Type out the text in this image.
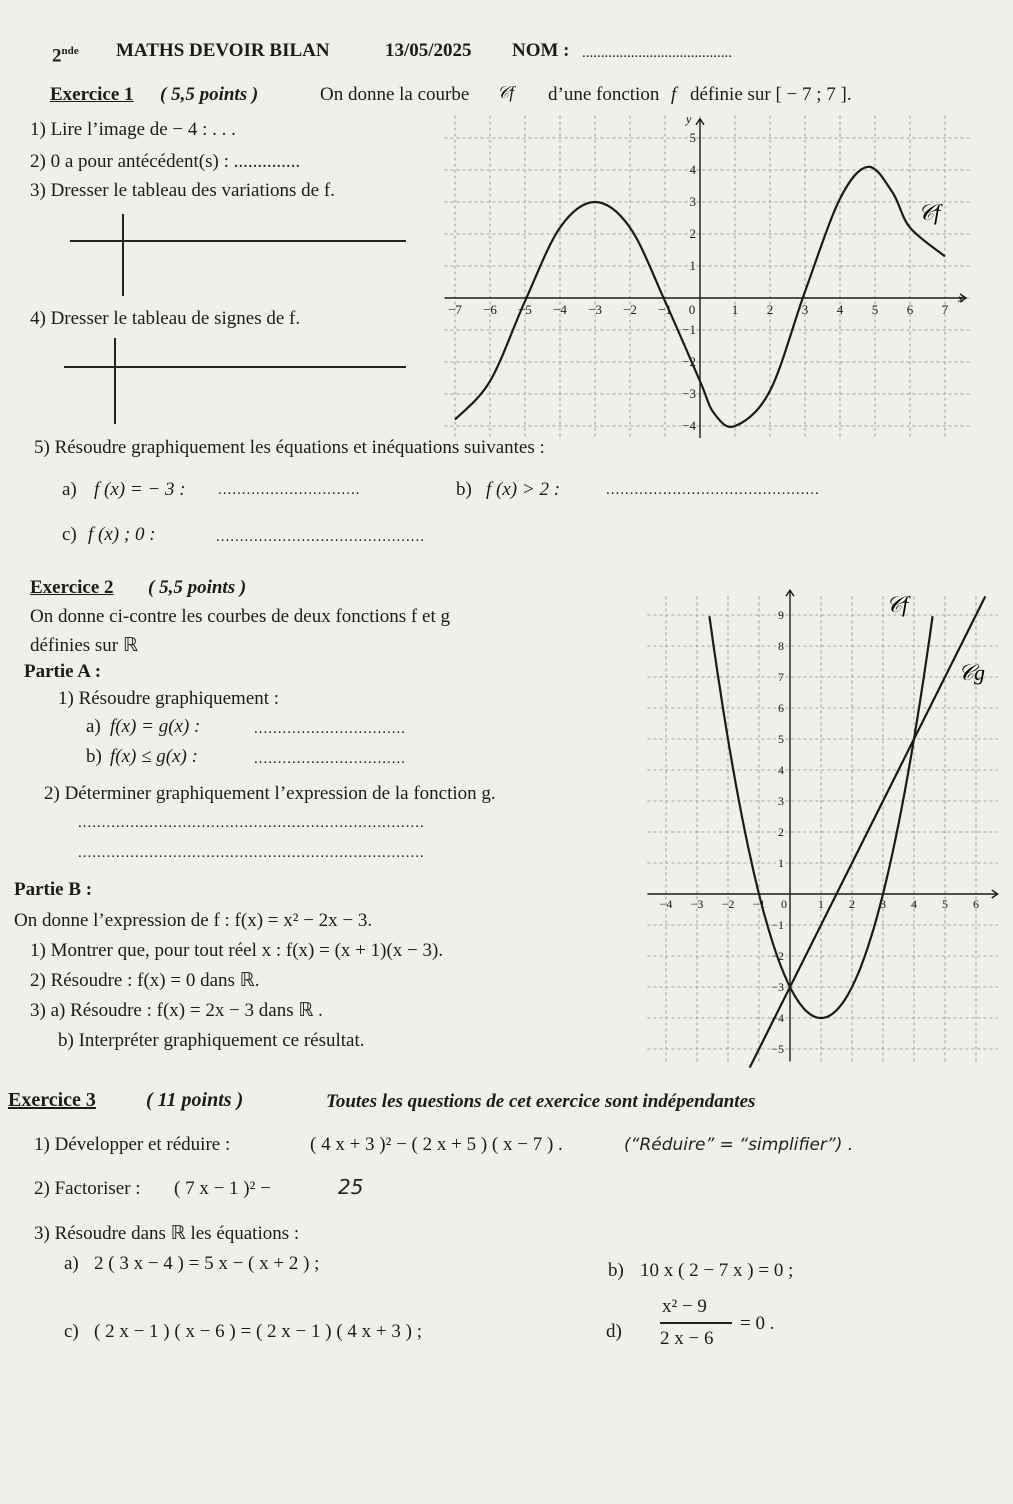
2nde MATHS DEVOIR BILAN	13/05/2025 NOM : ........................................
Exercice 1 ( 5,5 points )	On donne la courbe 𝒞f d’une fonction f définie sur [ − 7 ; 7 ].
1) Lire l’image de − 4 : . . .
2) 0 a pour antécédent(s) : ..............
3) Dresser le tableau des variations de f.
4) Dresser le tableau de signes de f.	−7 −6 −5 −4 −3 −2 −1 0	1 2 3 4 5 6 7
5
4
3
2
1
−1
−2
−3
−4
y
x
𝒞f
5) Résoudre graphiquement les équations et inéquations suivantes :
a) f (x) = − 3 : ..............................	b) f (x) > 2 :	.............................................
c) f (x) ; 0 :	............................................
Exercice 2 ( 5,5 points )
On donne ci-contre les courbes de deux fonctions f et g
définies sur ℝ
Partie A :
1) Résoudre graphiquement :
a) f(x) = g(x) :	................................
b) f(x) ≤ g(x) :	................................
2) Déterminer graphiquement l’expression de la fonction g.
.........................................................................
.........................................................................
Partie B :
On donne l’expression de f : f(x) = x² − 2x − 3.
1) Montrer que, pour tout réel x : f(x) = (x + 1)(x − 3).
2) Résoudre : f(x) = 0 dans ℝ.
3) a) Résoudre : f(x) = 2x − 3 dans ℝ .
b) Interpréter graphiquement ce résultat.
−4 −3 −2 −1 0	1 2 3 4 5 6
9
8
7
6
5
4
3
2
1
−1
−2
−3
−4
−5
𝒞f
𝒞g
Exercice 3	( 11 points )	Toutes les questions de cet exercice sont indépendantes
1) Développer et réduire :	( 4 x + 3 )² − ( 2 x + 5 ) ( x − 7 ) .	(“Réduire” = “simplifier”) .
2) Factoriser : ( 7 x − 1 )² −	25
3) Résoudre dans ℝ les équations :
a) 2 ( 3 x − 4 ) = 5 x − ( x + 2 ) ;	b) 10 x ( 2 − 7 x ) = 0 ;
c) ( 2 x − 1 ) ( x − 6 ) = ( 2 x − 1 ) ( 4 x + 3 ) ;	d)
x² − 9
2 x − 6
= 0 .
